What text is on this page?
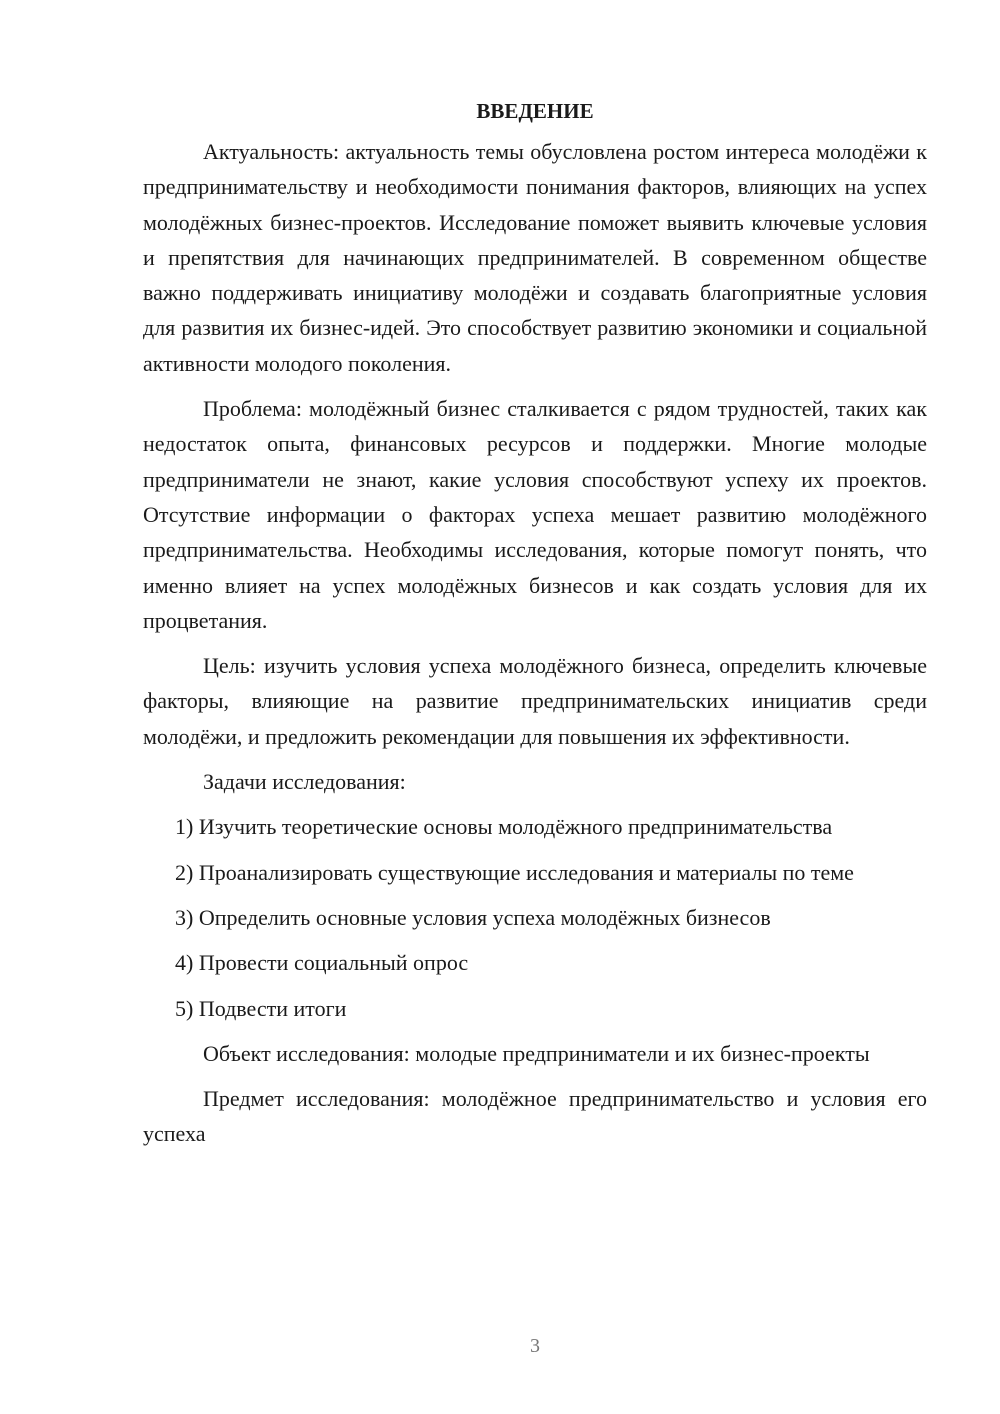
ВВЕДЕНИЕ

Актуальность: актуальность темы обусловлена ростом интереса молодёжи к предпринимательству и необходимости понимания факторов, влияющих на успех молодёжных бизнес-проектов. Исследование поможет выявить ключевые условия и препятствия для начинающих предпринимателей. В современном обществе важно поддерживать инициативу молодёжи и создавать благоприятные условия для развития их бизнес-идей. Это способствует развитию экономики и социальной активности молодого поколения.

Проблема: молодёжный бизнес сталкивается с рядом трудностей, таких как недостаток опыта, финансовых ресурсов и поддержки. Многие молодые предприниматели не знают, какие условия способствуют успеху их проектов. Отсутствие информации о факторах успеха мешает развитию молодёжного предпринимательства. Необходимы исследования, которые помогут понять, что именно влияет на успех молодёжных бизнесов и как создать условия для их процветания.

Цель: изучить условия успеха молодёжного бизнеса, определить ключевые факторы, влияющие на развитие предпринимательских инициатив среди молодёжи, и предложить рекомендации для повышения их эффективности.

Задачи исследования:

1) Изучить теоретические основы молодёжного предпринимательства

2) Проанализировать существующие исследования и материалы по теме

3) Определить основные условия успеха молодёжных бизнесов

4) Провести социальный опрос

5) Подвести итоги

Объект исследования: молодые предприниматели и их бизнес-проекты

Предмет исследования: молодёжное предпринимательство и условия его успеха

3
